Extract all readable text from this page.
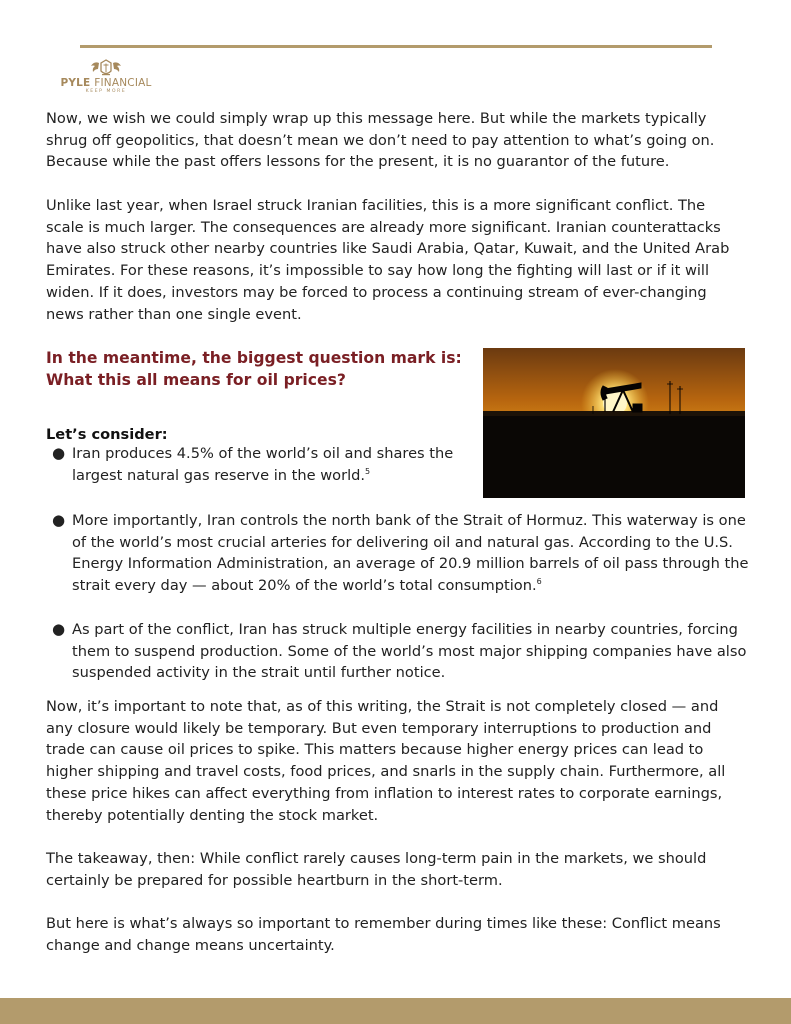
PYLE FINANCIAL
KEEP MORE

Now, we wish we could simply wrap up this message here. But while the markets typically shrug off geopolitics, that doesn’t mean we don’t need to pay attention to what’s going on. Because while the past offers lessons for the present, it is no guarantor of the future.

Unlike last year, when Israel struck Iranian facilities, this is a more significant conflict. The scale is much larger. The consequences are already more significant. Iranian counterattacks have also struck other nearby countries like Saudi Arabia, Qatar, Kuwait, and the United Arab Emirates. For these reasons, it’s impossible to say how long the fighting will last or if it will widen. If it does, investors may be forced to process a continuing stream of ever-changing news rather than one single event.

In the meantime, the biggest question mark is:
What this all means for oil prices?

Let’s consider:

● Iran produces 4.5% of the world’s oil and shares the largest natural gas reserve in the world.$^5$
● More importantly, Iran controls the north bank of the Strait of Hormuz. This waterway is one of the world’s most crucial arteries for delivering oil and natural gas. According to the U.S. Energy Information Administration, an average of 20.9 million barrels of oil pass through the strait every day — about 20% of the world’s total consumption.$^6$
● As part of the conflict, Iran has struck multiple energy facilities in nearby countries, forcing them to suspend production. Some of the world’s most major shipping companies have also suspended activity in the strait until further notice.

Now, it’s important to note that, as of this writing, the Strait is not completely closed — and any closure would likely be temporary. But even temporary interruptions to production and trade can cause oil prices to spike. This matters because higher energy prices can lead to higher shipping and travel costs, food prices, and snarls in the supply chain. Furthermore, all these price hikes can affect everything from inflation to interest rates to corporate earnings, thereby potentially denting the stock market.

The takeaway, then: While conflict rarely causes long-term pain in the markets, we should certainly be prepared for possible heartburn in the short-term.

But here is what’s always so important to remember during times like these: Conflict means change and change means uncertainty.
